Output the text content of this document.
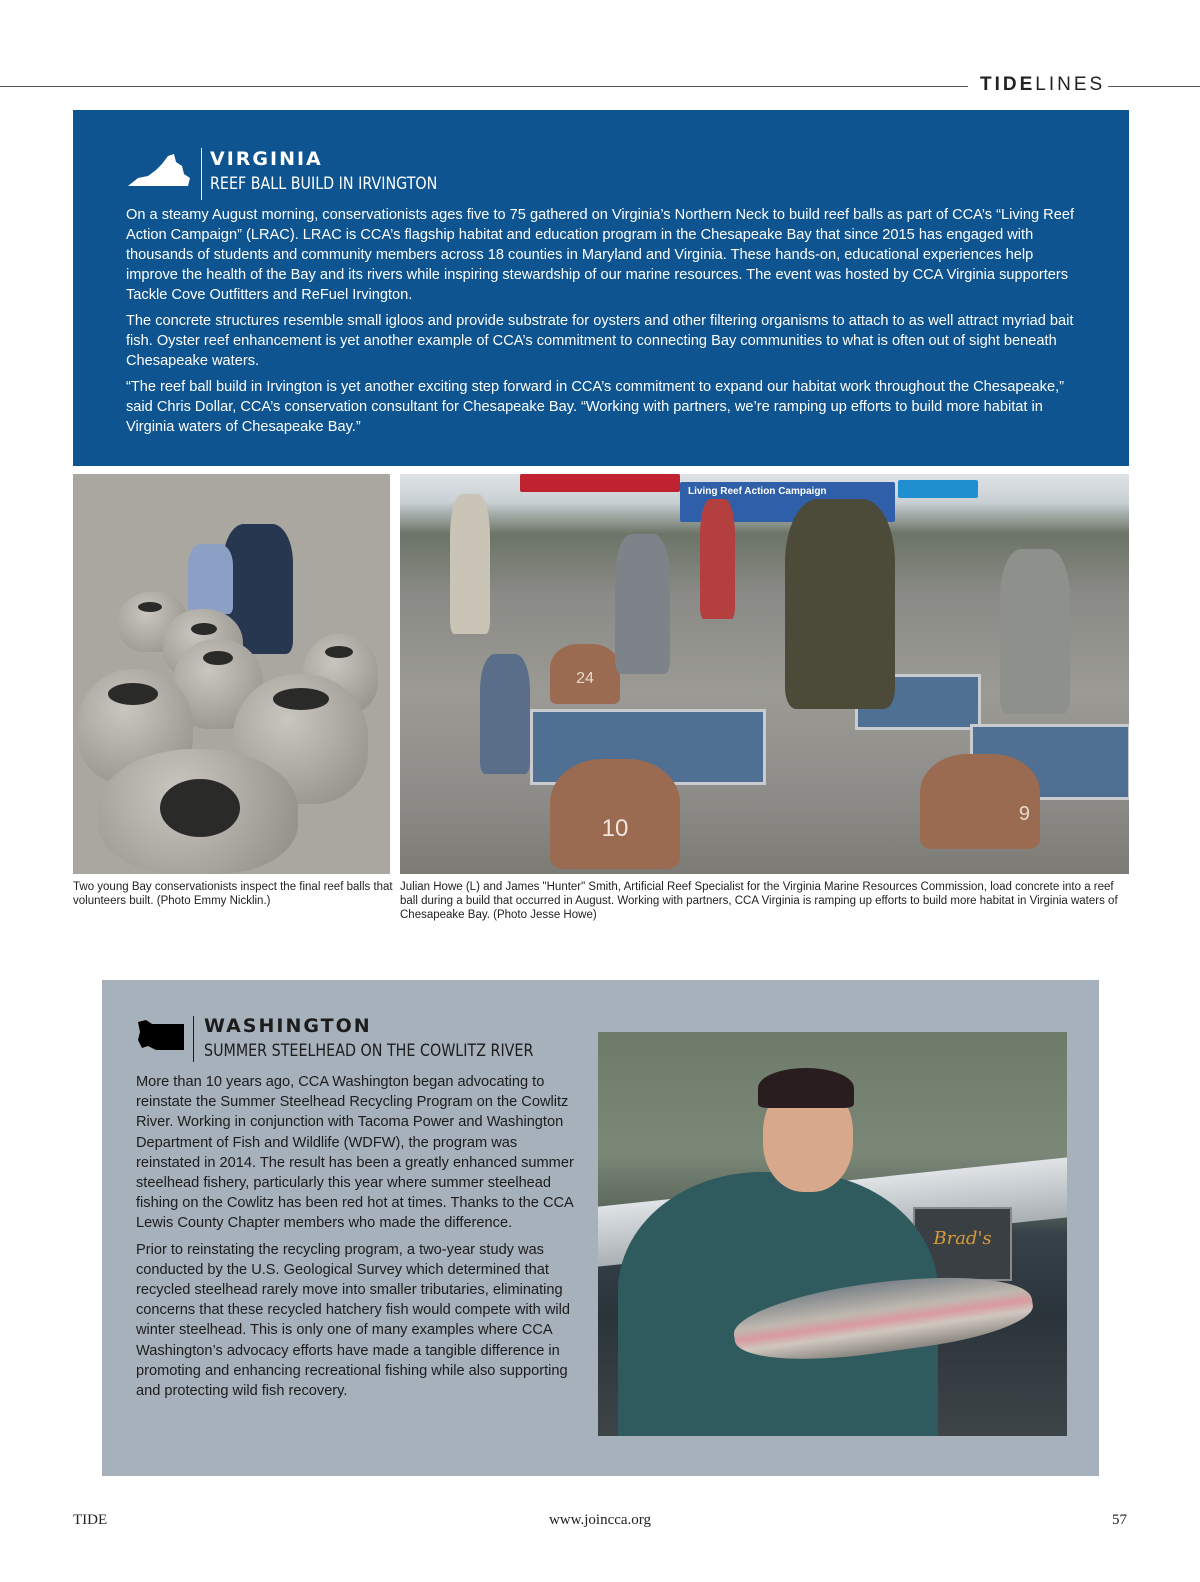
TIDELINES
VIRGINIA
REEF BALL BUILD IN IRVINGTON

On a steamy August morning, conservationists ages five to 75 gathered on Virginia’s Northern Neck to build reef balls as part of CCA’s “Living Reef Action Campaign” (LRAC). LRAC is CCA’s flagship habitat and education program in the Chesapeake Bay that since 2015 has engaged with thousands of students and community members across 18 counties in Maryland and Virginia. These hands-on, educational experiences help improve the health of the Bay and its rivers while inspiring stewardship of our marine resources. The event was hosted by CCA Virginia supporters Tackle Cove Outfitters and ReFuel Irvington.

The concrete structures resemble small igloos and provide substrate for oysters and other filtering organisms to attach to as well attract myriad bait fish. Oyster reef enhancement is yet another example of CCA’s commitment to connecting Bay communities to what is often out of sight beneath Chesapeake waters.

“The reef ball build in Irvington is yet another exciting step forward in CCA’s commitment to expand our habitat work throughout the Chesapeake,” said Chris Dollar, CCA’s conservation consultant for Chesapeake Bay. “Working with partners, we’re ramping up efforts to build more habitat in Virginia waters of Chesapeake Bay.”

Living Reef Action Campaign
24
10
9
Two young Bay conservationists inspect the final reef balls that volunteers built. (Photo Emmy Nicklin.)
Julian Howe (L) and James "Hunter" Smith, Artificial Reef Specialist for the Virginia Marine Resources Commission, load concrete into a reef ball during a build that occurred in August. Working with partners, CCA Virginia is ramping up efforts to build more habitat in Virginia waters of Chesapeake Bay. (Photo Jesse Howe)
WASHINGTON
SUMMER STEELHEAD ON THE COWLITZ RIVER

More than 10 years ago, CCA Washington began advocating to reinstate the Summer Steelhead Recycling Program on the Cowlitz River. Working in conjunction with Tacoma Power and Washington Department of Fish and Wildlife (WDFW), the program was reinstated in 2014. The result has been a greatly enhanced summer steelhead fishery, particularly this year where summer steelhead fishing on the Cowlitz has been red hot at times. Thanks to the CCA Lewis County Chapter members who made the difference.

Prior to reinstating the recycling program, a two-year study was conducted by the U.S. Geological Survey which determined that recycled steelhead rarely move into smaller tributaries, eliminating concerns that these recycled hatchery fish would compete with wild winter steelhead. This is only one of many examples where CCA Washington’s advocacy efforts have made a tangible difference in promoting and enhancing recreational fishing while also supporting and protecting wild fish recovery.

Brad's
TIDE	www.joincca.org	57
